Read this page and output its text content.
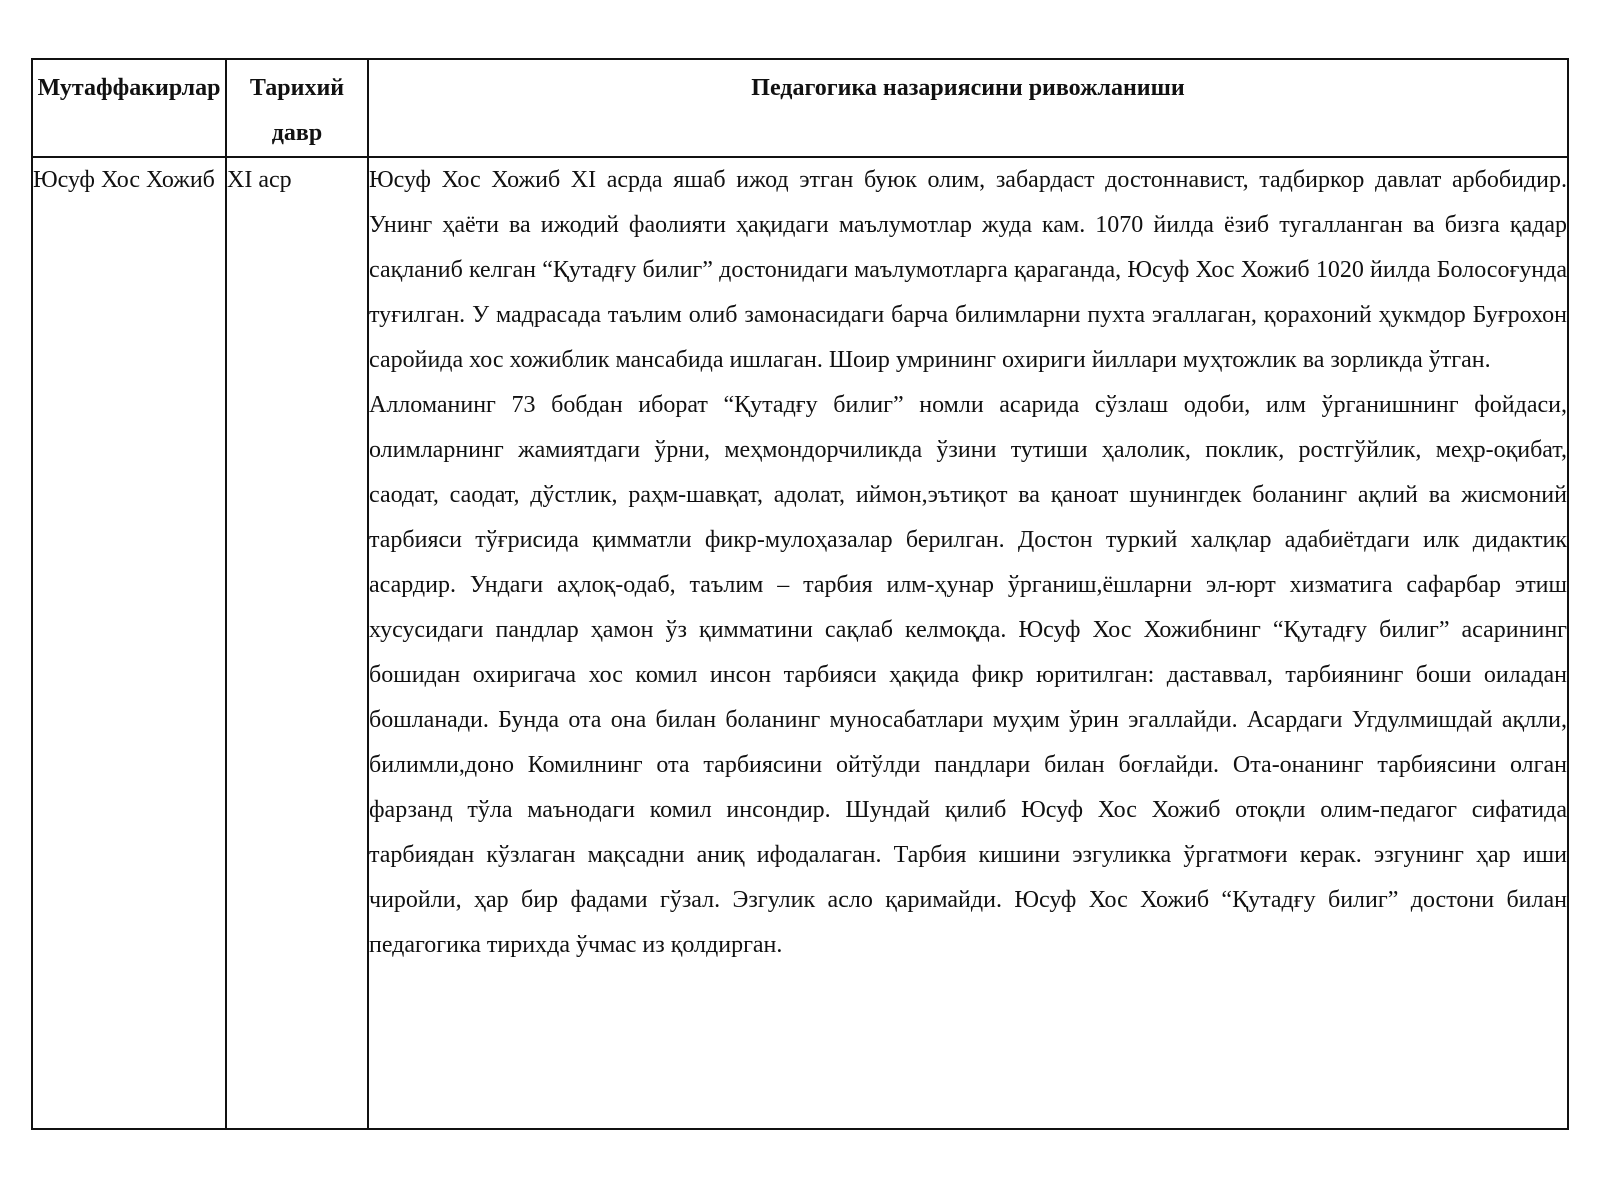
Мутаффакирлар	Тарихий давр	Педагогика назариясини ривожланиши
Юсуф Хос Хожиб	XI аср	Юсуф Хос Хожиб XI асрда яшаб ижод этган буюк олим, забардаст достоннавист, тадбиркор давлат арбобидир. Унинг ҳаёти ва ижодий фаолияти ҳақидаги маълумотлар жуда кам. 1070 йилда ёзиб тугалланган ва бизга қадар сақланиб келган “Қутадғу билиг” достонидаги маълумотларга қараганда, Юсуф Хос Хожиб 1020 йилда Болосоғунда туғилган. У мадрасада таълим олиб замонасидаги барча билимларни пухта эгаллаган, қорахоний ҳукмдор Буғрохон саройида хос хожиблик мансабида ишлаган. Шоир умрининг охириги йиллари муҳтожлик ва зорликда ўтган.

Алломанинг 73 бобдан иборат “Қутадғу билиг” номли асарида сўзлаш одоби, илм ўрганишнинг фойдаси, олимларнинг жамиятдаги ўрни, меҳмондорчиликда ўзини тутиши ҳалолик, поклик, ростгўйлик, меҳр-оқибат, саодат, саодат, дўстлик, раҳм-шавқат, адолат, иймон,эътиқот ва қаноат шунингдек боланинг ақлий ва жисмоний тарбияси тўғрисида қимматли фикр-мулоҳазалар берилган. Достон туркий халқлар адабиётдаги илк дидактик асардир. Ундаги аҳлоқ-одаб, таълим – тарбия илм-ҳунар ўрганиш,ёшларни эл-юрт хизматига сафарбар этиш хусусидаги пандлар ҳамон ўз қимматини сақлаб келмоқда. Юсуф Хос Хожибнинг “Қутадғу билиг” асарининг бошидан охиригача хос комил инсон тарбияси ҳақида фикр юритилган: даставвал, тарбиянинг боши оиладан бошланади. Бунда ота она билан боланинг муносабатлари муҳим ўрин эгаллайди. Асардаги Угдулмишдай ақлли, билимли,доно Комилнинг ота тарбиясини ойтўлди пандлари билан боғлайди. Ота-онанинг тарбиясини олган фарзанд тўла маънодаги комил инсондир. Шундай қилиб Юсуф Хос Хожиб отоқли олим-педагог сифатида тарбиядан кўзлаган мақсадни аниқ ифодалаган. Тарбия кишини эзгуликка ўргатмоғи керак. эзгунинг ҳар иши чиройли, ҳар бир фадами гўзал. Эзгулик асло қаримайди. Юсуф Хос Хожиб “Қутадғу билиг” достони билан педагогика тирихда ўчмас из қолдирган.
